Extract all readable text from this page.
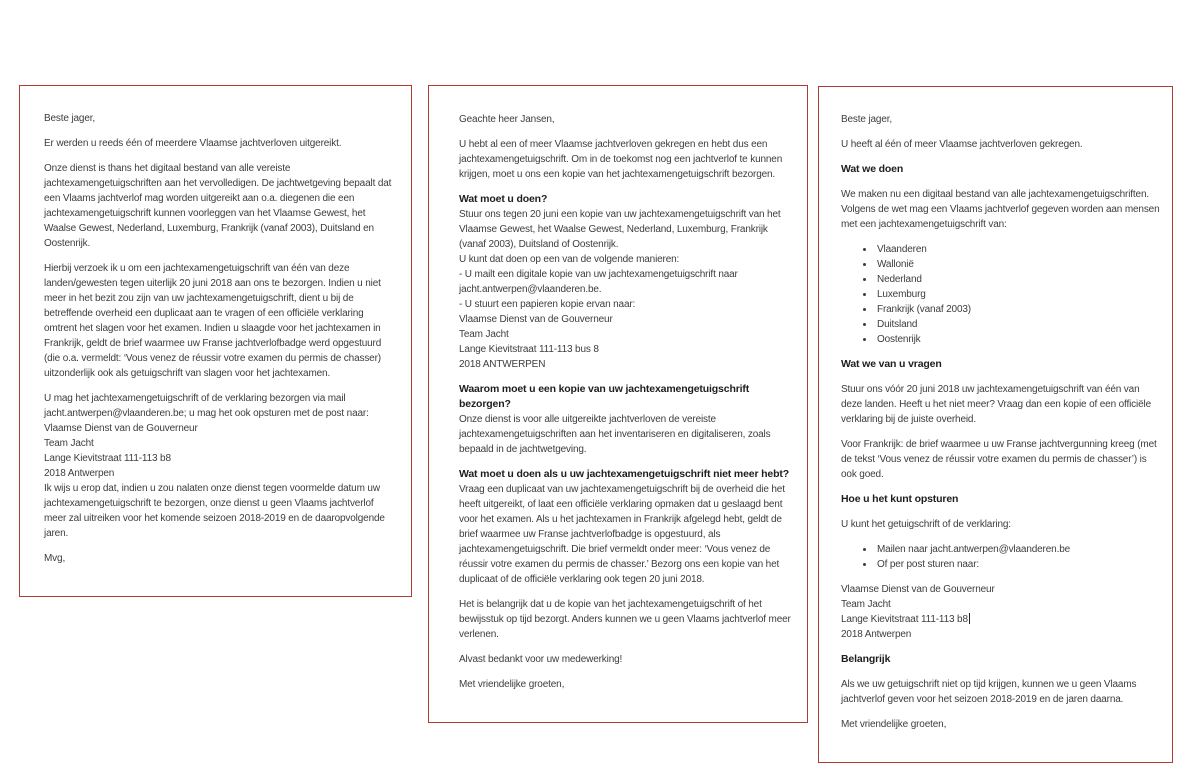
Beste jager,
Er werden u reeds één of meerdere Vlaamse jachtverloven uitgereikt.
Onze dienst is thans het digitaal bestand van alle vereiste jachtexamengetuigschriften aan het vervolledigen. De jachtwetgeving bepaalt dat een Vlaams jachtverlof mag worden uitgereikt aan o.a. diegenen die een jachtexamengetuigschrift kunnen voorleggen van het Vlaamse Gewest, het Waalse Gewest, Nederland, Luxemburg, Frankrijk (vanaf 2003), Duitsland en Oostenrijk.
Hierbij verzoek ik u om een jachtexamengetuigschrift van één van deze landen/gewesten tegen uiterlijk 20 juni 2018 aan ons te bezorgen. Indien u niet meer in het bezit zou zijn van uw jachtexamengetuigschrift, dient u bij de betreffende overheid een duplicaat aan te vragen of een officiële verklaring omtrent het slagen voor het examen. Indien u slaagde voor het jachtexamen in Frankrijk, geldt de brief waarmee uw Franse jachtverlofbadge werd opgestuurd (die o.a. vermeldt: ‘Vous venez de réussir votre examen du permis de chasser) uitzonderlijk ook als getuigschrift van slagen voor het jachtexamen.
U mag het jachtexamengetuigschrift of de verklaring bezorgen via mail jacht.antwerpen@vlaanderen.be; u mag het ook opsturen met de post naar:
Vlaamse Dienst van de Gouverneur
Team Jacht
Lange Kievitstraat 111-113 b8
2018 Antwerpen
Ik wijs u erop dat, indien u zou nalaten onze dienst tegen voormelde datum uw jachtexamengetuigschrift te bezorgen, onze dienst u geen Vlaams jachtverlof meer zal uitreiken voor het komende seizoen 2018-2019 en de daaropvolgende jaren.
Mvg,
Geachte heer Jansen,
U hebt al een of meer Vlaamse jachtverloven gekregen en hebt dus een jachtexamengetuigschrift. Om in de toekomst nog een jachtverlof te kunnen krijgen, moet u ons een kopie van het jachtexamengetuigschrift bezorgen.
Wat moet u doen?
Stuur ons tegen 20 juni een kopie van uw jachtexamengetuigschrift van het Vlaamse Gewest, het Waalse Gewest, Nederland, Luxemburg, Frankrijk (vanaf 2003), Duitsland of Oostenrijk.
U kunt dat doen op een van de volgende manieren:
- U mailt een digitale kopie van uw jachtexamengetuigschrift naar jacht.antwerpen@vlaanderen.be.
- U stuurt een papieren kopie ervan naar:
Vlaamse Dienst van de Gouverneur
Team Jacht
Lange Kievitstraat 111-113 bus 8
2018 ANTWERPEN
Waarom moet u een kopie van uw jachtexamengetuigschrift bezorgen?
Onze dienst is voor alle uitgereikte jachtverloven de vereiste jachtexamengetuigschriften aan het inventariseren en digitaliseren, zoals bepaald in de jachtwetgeving.
Wat moet u doen als u uw jachtexamengetuigschrift niet meer hebt?
Vraag een duplicaat van uw jachtexamengetuigschrift bij de overheid die het heeft uitgereikt, of laat een officiële verklaring opmaken dat u geslaagd bent voor het examen. Als u het jachtexamen in Frankrijk afgelegd hebt, geldt de brief waarmee uw Franse jachtverlofbadge is opgestuurd, als jachtexamengetuigschrift. Die brief vermeldt onder meer: ‘Vous venez de réussir votre examen du permis de chasser.’ Bezorg ons een kopie van het duplicaat of de officiële verklaring ook tegen 20 juni 2018.
Het is belangrijk dat u de kopie van het jachtexamengetuigschrift of het bewijsstuk op tijd bezorgt. Anders kunnen we u geen Vlaams jachtverlof meer verlenen.
Alvast bedankt voor uw medewerking!
Met vriendelijke groeten,
Beste jager,
U heeft al één of meer Vlaamse jachtverloven gekregen.
Wat we doen
We maken nu een digitaal bestand van alle jachtexamengetuigschriften. Volgens de wet mag een Vlaams jachtverlof gegeven worden aan mensen met een jachtexamengetuigschrift van:
• Vlaanderen
• Wallonië
• Nederland
• Luxemburg
• Frankrijk (vanaf 2003)
• Duitsland
• Oostenrijk
Wat we van u vragen
Stuur ons vóór 20 juni 2018 uw jachtexamengetuigschrift van één van deze landen. Heeft u het niet meer? Vraag dan een kopie of een officiële verklaring bij de juiste overheid.
Voor Frankrijk: de brief waarmee u uw Franse jachtvergunning kreeg (met de tekst ‘Vous venez de réussir votre examen du permis de chasser’) is ook goed.
Hoe u het kunt opsturen
U kunt het getuigschrift of de verklaring:
• Mailen naar jacht.antwerpen@vlaanderen.be
• Of per post sturen naar:
Vlaamse Dienst van de Gouverneur
Team Jacht
Lange Kievitstraat 111-113 b8
2018 Antwerpen
Belangrijk
Als we uw getuigschrift niet op tijd krijgen, kunnen we u geen Vlaams jachtverlof geven voor het seizoen 2018-2019 en de jaren daarna.
Met vriendelijke groeten,
